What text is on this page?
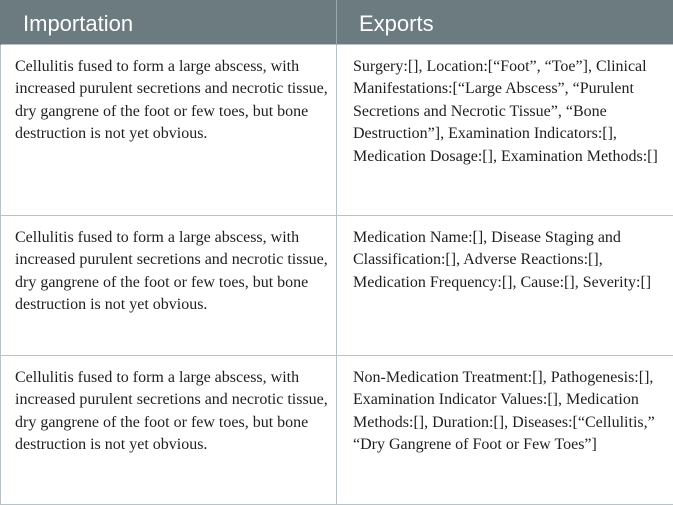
Importation	Exports
Cellulitis fused to form a large abscess, with increased purulent secretions and necrotic tissue, dry gangrene of the foot or few toes, but bone destruction is not yet obvious.	Surgery:[], Location:[“Foot”, “Toe”], Clinical Manifestations:[“Large Abscess”, “Purulent Secretions and Necrotic Tissue”, “Bone Destruction”], Examination Indicators:[], Medication Dosage:[], Examination Methods:[]
Cellulitis fused to form a large abscess, with increased purulent secretions and necrotic tissue, dry gangrene of the foot or few toes, but bone destruction is not yet obvious.	Medication Name:[], Disease Staging and Classification:[], Adverse Reactions:[], Medication Frequency:[], Cause:[], Severity:[]
Cellulitis fused to form a large abscess, with increased purulent secretions and necrotic tissue, dry gangrene of the foot or few toes, but bone destruction is not yet obvious.	Non-Medication Treatment:[], Pathogenesis:[], Examination Indicator Values:[], Medication Methods:[], Duration:[], Diseases:[“Cellulitis,” “Dry Gangrene of Foot or Few Toes”]
